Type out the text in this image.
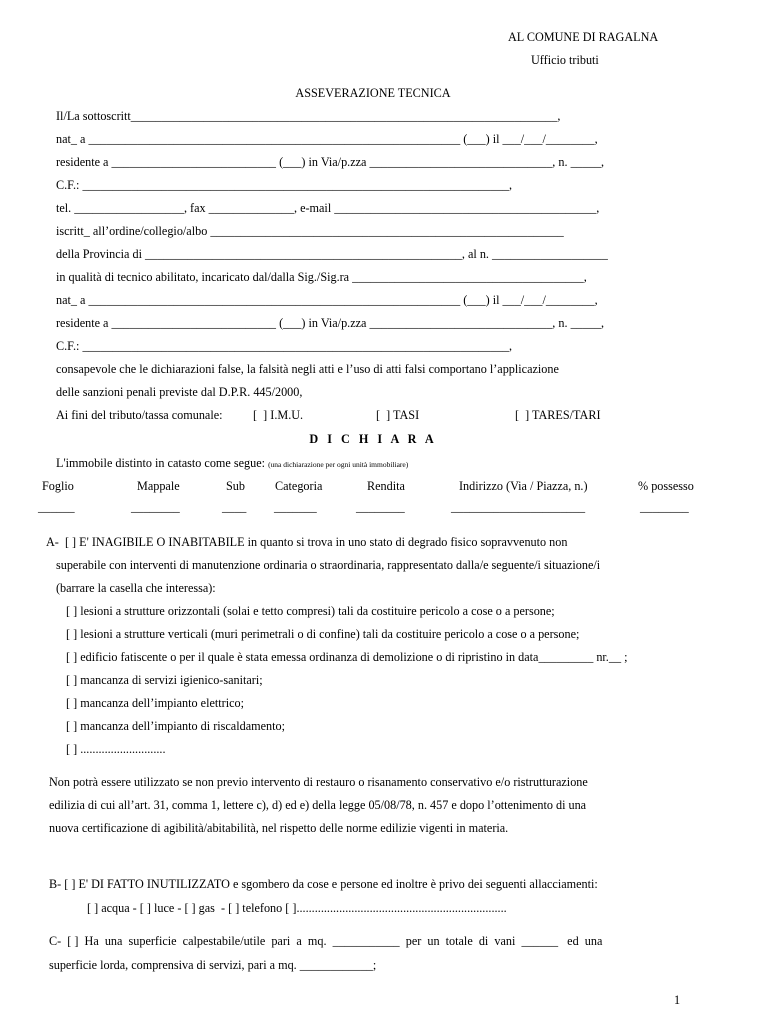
AL COMUNE DI RAGALNA
Ufficio tributi
ASSEVERAZIONE TECNICA
Il/La sottoscritt______________________________________________________________________,
nat_ a _____________________________________________________________ (___) il ___/___/________,
residente a ___________________________ (___) in Via/p.zza ______________________________, n. _____,
C.F.: ______________________________________________________________________,
tel. __________________, fax ______________, e-mail ___________________________________________,
iscritt_ all’ordine/collegio/albo __________________________________________________________
della Provincia di ____________________________________________________, al n. ___________________
in qualità di tecnico abilitato, incaricato dal/dalla Sig./Sig.ra ______________________________________,
nat_ a _____________________________________________________________ (___) il ___/___/________,
residente a ___________________________ (___) in Via/p.zza ______________________________, n. _____,
C.F.: ______________________________________________________________________,
consapevole che le dichiarazioni false, la falsità negli atti e l’uso di atti falsi comportano l’applicazione
delle sanzioni penali previste dal D.P.R. 445/2000,
Ai fini del tributo/tassa comunale: [  ] I.M.U.	[  ] TASI	[  ] TARES/TARI
D I C H I A R A
L'immobile distinto in catasto come segue: (una dichiarazione per ogni unità immobiliare)
Foglio	Mappale	Sub Categoria	Rendita	Indirizzo (Via / Piazza, n.)	% possesso
______	________	____ _______	________	______________________	________
A-  [ ] E' INAGIBILE O INABITABILE in quanto si trova in uno stato di degrado fisico sopravvenuto non
superabile con interventi di manutenzione ordinaria o straordinaria, rappresentato dalla/e seguente/i situazione/i
(barrare la casella che interessa):
[ ] lesioni a strutture orizzontali (solai e tetto compresi) tali da costituire pericolo a cose o a persone;
[ ] lesioni a strutture verticali (muri perimetrali o di confine) tali da costituire pericolo a cose o a persone;
[ ] edificio fatiscente o per il quale è stata emessa ordinanza di demolizione o di ripristino in data_________ nr.__ ;
[ ] mancanza di servizi igienico-sanitari;
[ ] mancanza dell’impianto elettrico;
[ ] mancanza dell’impianto di riscaldamento;
[ ] ............................
Non potrà essere utilizzato se non previo intervento di restauro o risanamento conservativo e/o ristrutturazione
edilizia di cui all’art. 31, comma 1, lettere c), d) ed e) della legge 05/08/78, n. 457 e dopo l’ottenimento di una
nuova certificazione di agibilità/abitabilità, nel rispetto delle norme edilizie vigenti in materia.
B- [ ] E' DI FATTO INUTILIZZATO e sgombero da cose e persone ed inoltre è privo dei seguenti allacciamenti:
[ ] acqua - [ ] luce - [ ] gas  - [ ] telefono [ ].....................................................................
C-  [ ]  Ha  una  superficie  calpestabile/utile  pari  a  mq.  ___________  per  un  totale  di  vani  ______   ed  una
superficie lorda, comprensiva di servizi, pari a mq. ____________;
1
